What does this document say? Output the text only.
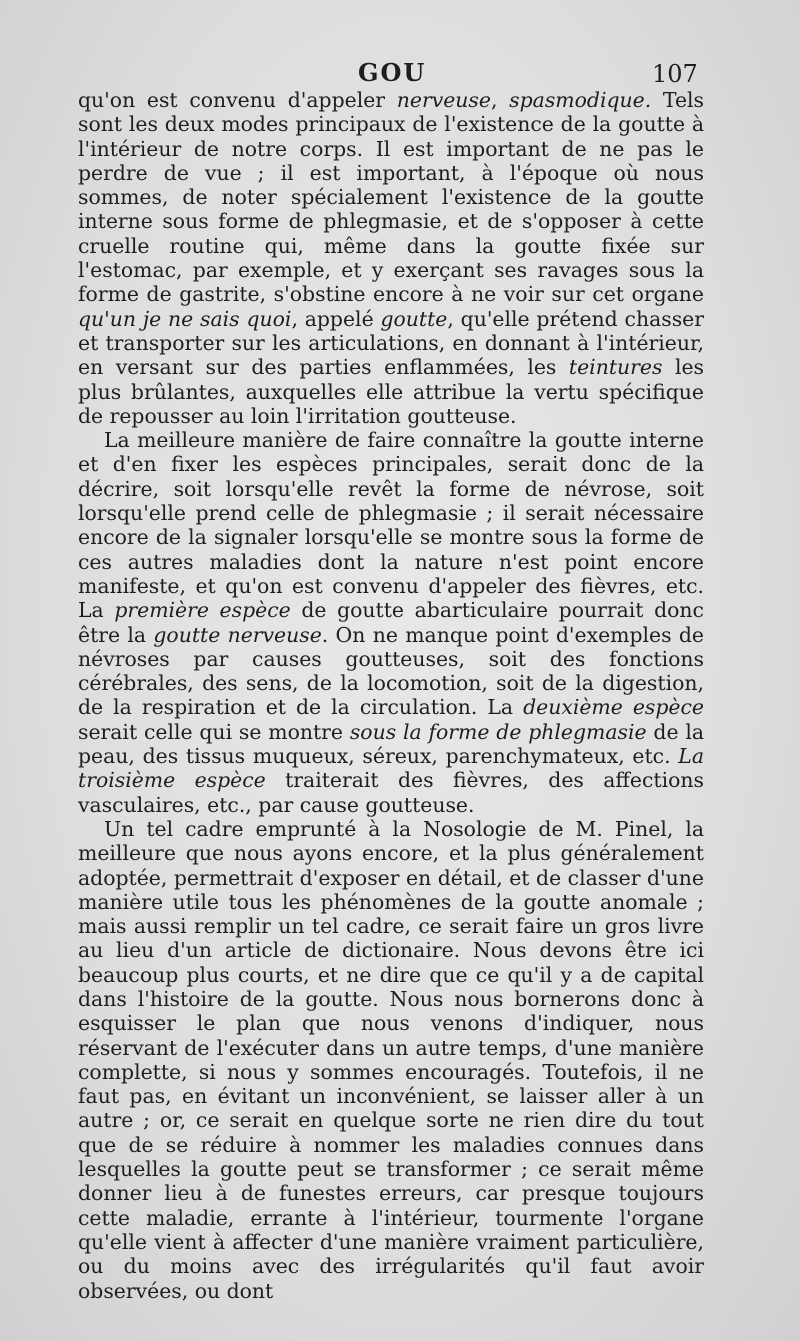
GOU	107

qu'on est convenu d'appeler nerveuse, spasmodique. Tels sont les deux modes principaux de l'existence de la goutte à l'intérieur de notre corps. Il est important de ne pas le perdre de vue ; il est important, à l'époque où nous sommes, de noter spécialement l'existence de la goutte interne sous forme de phlegmasie, et de s'opposer à cette cruelle routine qui, même dans la goutte fixée sur l'estomac, par exemple, et y exerçant ses ravages sous la forme de gastrite, s'obstine encore à ne voir sur cet organe qu'un je ne sais quoi, appelé goutte, qu'elle prétend chasser et transporter sur les articulations, en donnant à l'intérieur, en versant sur des parties enflammées, les teintures les plus brûlantes, auxquelles elle attribue la vertu spécifique de repousser au loin l'irritation goutteuse.

La meilleure manière de faire connaître la goutte interne et d'en fixer les espèces principales, serait donc de la décrire, soit lorsqu'elle revêt la forme de névrose, soit lorsqu'elle prend celle de phlegmasie ; il serait nécessaire encore de la signaler lorsqu'elle se montre sous la forme de ces autres maladies dont la nature n'est point encore manifeste, et qu'on est convenu d'appeler des fièvres, etc. La première espèce de goutte abarticulaire pourrait donc être la goutte nerveuse. On ne manque point d'exemples de névroses par causes goutteuses, soit des fonctions cérébrales, des sens, de la locomotion, soit de la digestion, de la respiration et de la circulation. La deuxième espèce serait celle qui se montre sous la forme de phlegmasie de la peau, des tissus muqueux, séreux, parenchymateux, etc. La troisième espèce traiterait des fièvres, des affections vasculaires, etc., par cause goutteuse.

Un tel cadre emprunté à la Nosologie de M. Pinel, la meilleure que nous ayons encore, et la plus généralement adoptée, permettrait d'exposer en détail, et de classer d'une manière utile tous les phénomènes de la goutte anomale ; mais aussi remplir un tel cadre, ce serait faire un gros livre au lieu d'un article de dictionaire. Nous devons être ici beaucoup plus courts, et ne dire que ce qu'il y a de capital dans l'histoire de la goutte. Nous nous bornerons donc à esquisser le plan que nous venons d'indiquer, nous réservant de l'exécuter dans un autre temps, d'une manière complette, si nous y sommes encouragés. Toutefois, il ne faut pas, en évitant un inconvénient, se laisser aller à un autre ; or, ce serait en quelque sorte ne rien dire du tout que de se réduire à nommer les maladies connues dans lesquelles la goutte peut se transformer ; ce serait même donner lieu à de funestes erreurs, car presque toujours cette maladie, errante à l'intérieur, tourmente l'organe qu'elle vient à affecter d'une manière vraiment particulière, ou du moins avec des irrégularités qu'il faut avoir observées, ou dont
